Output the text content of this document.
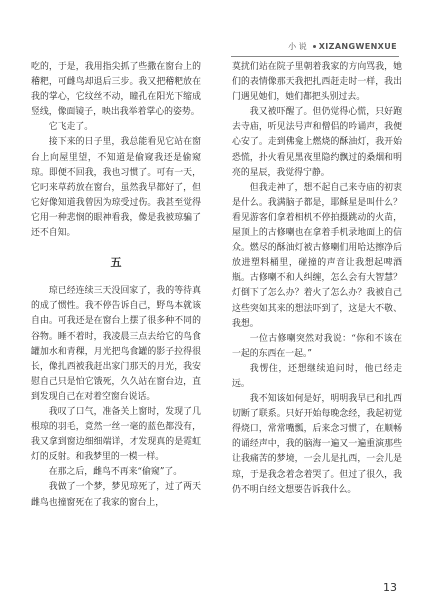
小 说 XIZANGWENXUE

吃的，于是，我用指尖抓了些撒在窗台上的稽粑，可雌鸟却退后三步。我又把稽粑放在我的掌心，它纹丝不动，瞳孔在阳光下缩成竖线，像面镜子，映出我举着掌心的姿势。

它飞走了。

接下来的日子里，我总能看见它站在窗台上向屋里望，不知道是偷窥我还是偷窥琼。即便不回我，我也习惯了。可有一天，它叼来草药放在窗台，虽然我早都好了，但它好像知道我曾因为琼受过伤。我甚至觉得它用一种悲悯的眼神看我，像是我被琼骗了还不自知。

五

琼已经连续三天没回家了，我的等待真的成了惯性。我不停告诉自己，野鸟本就该自由。可我还是在窗台上摆了很多种不同的谷物。睡不着时，我凌晨三点去给它的鸟食罐加水和青稞，月光把鸟食罐的影子拉得很长，像扎西被我赶出家门那天的月光，我安慰自己只是怕它饿死，久久站在窗台边，直到发现自己在对着空窗台说话。

我叹了口气，准备关上窗时，发现了几根琼的羽毛，竟然一丝一毫的蓝色都没有，我又拿到窗边细细端详，才发现真的是霓虹灯的反射。和我梦里的一模一样。

在那之后，雌鸟不再来“偷窥”了。

我做了一个梦，梦见琼死了，过了两天雌鸟也撞窗死在了我家的窗台上，

莫扰们站在院子里朝着我家的方向骂我，她们的表情像那天我把扎西赶走时一样，我出门遇见她们，她们都把头别过去。

我又被吓醒了。但仍觉得心慌，只好跑去寺庙，听见法号声和僧侣的吟诵声，我便心安了。走到佛龛上燃烧的酥油灯，我开始恐慌，扑火看见黑夜里隐约飘过的桑烟和明亮的星辰，我觉得宁静。

但我走神了，想不起自己来寺庙的初衷是什么。我满脑子都是，耶稣星是叫什么？看见游客们拿着相机不停拍摄跳动的火苗，屋顶上的古修喇也在拿着手机录地面上的信众。燃尽的酥油灯被古修喇们用哈达擦净后放进塑料桶里，碰撞的声音让我想起啤酒瓶。古修喇不和人纠缠，怎么会有大智慧？灯倒下了怎么办？着火了怎么办？我被自己这些突如其来的想法吓到了，这是大不敬、我想。

一位古修喇突然对我说：“你和不该在一起的东西在一起。”

我愣住，还想继续追问时，他已经走远。

我不知该如何是好，明明我早已和扎西切断了联系。只好开始每晚念经，我起初觉得烧口，常常嘴瓢，后来念习惯了，在顺畅的诵经声中，我的脑海一遍又一遍重演那些让我痛苦的梦境，一会儿是扎西，一会儿是琼，于是我念着念着哭了。但过了很久，我仍不明白经文想要告诉我什么。

13
